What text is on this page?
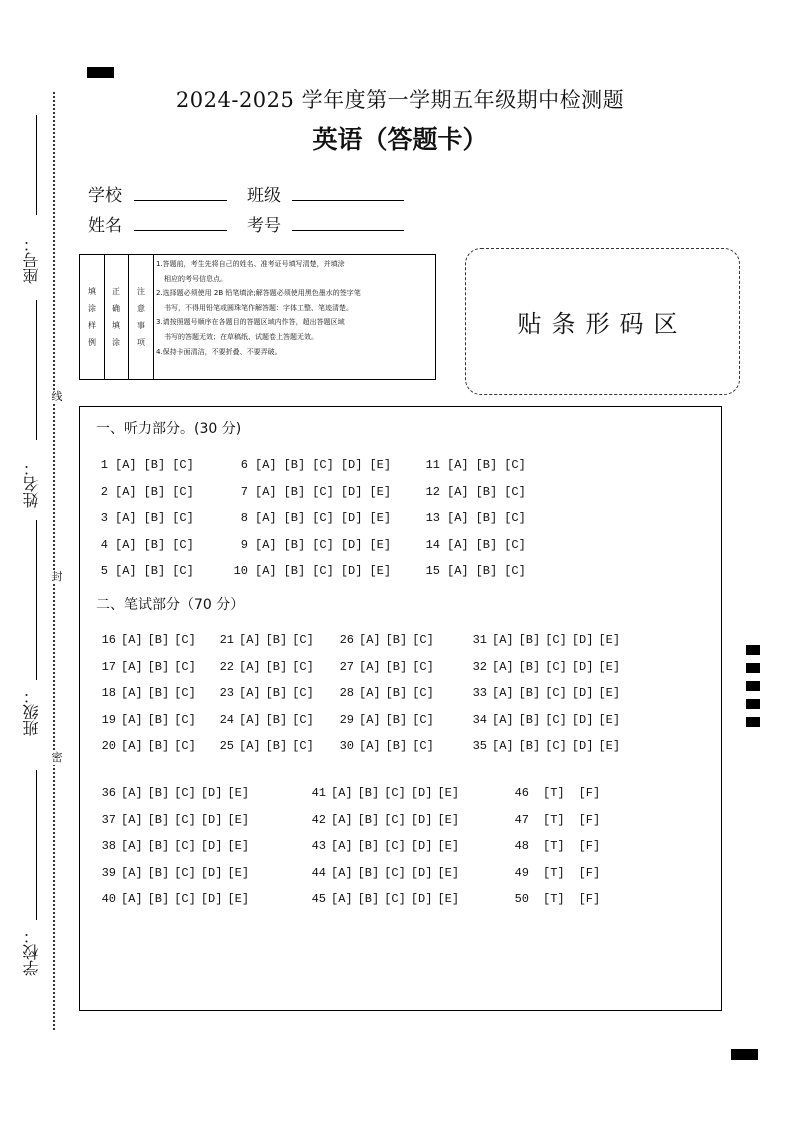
座号：
姓名：
班级：
学校：
线
封
密
2024-2025 学年度第一学期五年级期中检测题
英语（答题卡）
学校	班级
姓名	考号
填
涂
样
例
正
确
填
涂
注
意
事
项
1.答题前，考生先将自己的姓名、准考证号填写清楚，并填涂
相应的考号信息点。
2.选择题必须使用 2B 铅笔填涂;解答题必须使用黑色墨水的签字笔
书写，不得用铅笔或圆珠笔作解答题：字体工整、笔迹清楚。
3.请按照题号顺序在各题目的答题区域内作答，超出答题区域
书写的答题无效；在草稿纸、试题卷上答题无效。
4.保持卡面清洁，不要折叠、不要弄破。
贴条形码区
一、听力部分。(30 分)
二、笔试部分（70 分）
1 [A] [B] [C]
2 [A] [B] [C]
3 [A] [B] [C]
4 [A] [B] [C]
5 [A] [B] [C]
6 [A] [B] [C] [D] [E]
7 [A] [B] [C] [D] [E]
8 [A] [B] [C] [D] [E]
9 [A] [B] [C] [D] [E]
10 [A] [B] [C] [D] [E]
11 [A] [B] [C]
12 [A] [B] [C]
13 [A] [B] [C]
14 [A] [B] [C]
15 [A] [B] [C]
16 [A] [B] [C]
17 [A] [B] [C]
18 [A] [B] [C]
19 [A] [B] [C]
20 [A] [B] [C]
21 [A] [B] [C]
22 [A] [B] [C]
23 [A] [B] [C]
24 [A] [B] [C]
25 [A] [B] [C]
26 [A] [B] [C]
27 [A] [B] [C]
28 [A] [B] [C]
29 [A] [B] [C]
30 [A] [B] [C]
31 [A] [B] [C] [D] [E]
32 [A] [B] [C] [D] [E]
33 [A] [B] [C] [D] [E]
34 [A] [B] [C] [D] [E]
35 [A] [B] [C] [D] [E]
36 [A] [B] [C] [D] [E]
37 [A] [B] [C] [D] [E]
38 [A] [B] [C] [D] [E]
39 [A] [B] [C] [D] [E]
40 [A] [B] [C] [D] [E]
41 [A] [B] [C] [D] [E]
42 [A] [B] [C] [D] [E]
43 [A] [B] [C] [D] [E]
44 [A] [B] [C] [D] [E]
45 [A] [B] [C] [D] [E]
46 [T] [F]
47 [T] [F]
48 [T] [F]
49 [T] [F]
50 [T] [F]
